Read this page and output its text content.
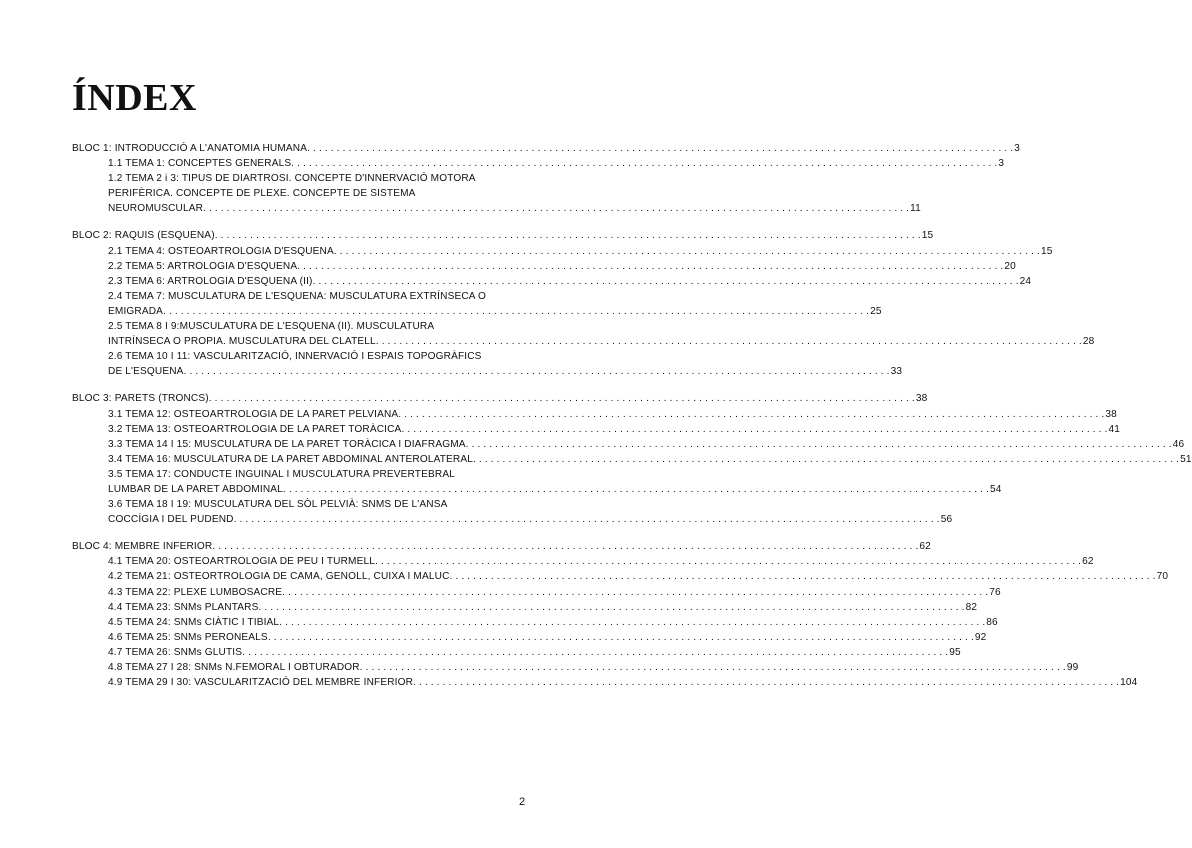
ÍNDEX
BLOC 1: INTRODUCCIÓ A L'ANATOMIA HUMANA . . . . . . . . . . . . . . . . . . . . . . . . . . . . . . . . . . . . . . . . . . . . . . . . . . . . . . . . . . . . . . . . . . . . . . . . . . . . . . . . . . . . . . . . . . . . . . . . . . . . . . . . . . . . . . . . . . . . . . . . 3
1.1 TEMA 1: CONCEPTES GENERALS . . . . . . . . . . . . . . . . . . . . . . . . . . . . . . . . . . . . . . . . . . . . . . . . . . . . . . . . . . . . . . . . . . . . . . . . . . . . . . . . . . . . . . . . . . . . . . . . . . . . . . . . . . . . . . . . . . . . . . . . 3
1.2 TEMA 2 i 3: TIPUS DE DIARTROSI. CONCEPTE D'INNERVACIÓ MOTORA
PERIFÈRICA. CONCEPTE DE PLEXE. CONCEPTE DE SISTEMA
NEUROMUSCULAR . . . . . . . . . . . . . . . . . . . . . . . . . . . . . . . . . . . . . . . . . . . . . . . . . . . . . . . . . . . . . . . . . . . . . . . . . . . . . . . . . . . . . . . . . . . . . . . . . . . . . . . . . . . . . . . . . . . . . . . . 11
BLOC 2: RAQUIS (ESQUENA) . . . . . . . . . . . . . . . . . . . . . . . . . . . . . . . . . . . . . . . . . . . . . . . . . . . . . . . . . . . . . . . . . . . . . . . . . . . . . . . . . . . . . . . . . . . . . . . . . . . . . . . . . . . . . . . . . . . . . . . . 15
2.1 TEMA 4: OSTEOARTROLOGIA D'ESQUENA . . . . . . . . . . . . . . . . . . . . . . . . . . . . . . . . . . . . . . . . . . . . . . . . . . . . . . . . . . . . . . . . . . . . . . . . . . . . . . . . . . . . . . . . . . . . . . . . . . . . . . . . . . . . . . . . . . . . . . . . 15
2.2 TEMA 5: ARTROLOGIA D'ESQUENA . . . . . . . . . . . . . . . . . . . . . . . . . . . . . . . . . . . . . . . . . . . . . . . . . . . . . . . . . . . . . . . . . . . . . . . . . . . . . . . . . . . . . . . . . . . . . . . . . . . . . . . . . . . . . . . . . . . . . . . . 20
2.3 TEMA 6: ARTROLOGIA D'ESQUENA (II) . . . . . . . . . . . . . . . . . . . . . . . . . . . . . . . . . . . . . . . . . . . . . . . . . . . . . . . . . . . . . . . . . . . . . . . . . . . . . . . . . . . . . . . . . . . . . . . . . . . . . . . . . . . . . . . . . . . . . . . . 24
2.4 TEMA 7: MUSCULATURA DE L'ESQUENA: MUSCULATURA EXTRÍNSECA O
EMIGRADA . . . . . . . . . . . . . . . . . . . . . . . . . . . . . . . . . . . . . . . . . . . . . . . . . . . . . . . . . . . . . . . . . . . . . . . . . . . . . . . . . . . . . . . . . . . . . . . . . . . . . . . . . . . . . . . . . . . . . . . . 25
2.5 TEMA 8 I 9:MUSCULATURA DE L'ESQUENA (II). MUSCULATURA
INTRÍNSECA O PROPIA. MUSCULATURA DEL CLATELL . . . . . . . . . . . . . . . . . . . . . . . . . . . . . . . . . . . . . . . . . . . . . . . . . . . . . . . . . . . . . . . . . . . . . . . . . . . . . . . . . . . . . . . . . . . . . . . . . . . . . . . . . . . . . . . . . . . . . . . . 28
2.6 TEMA 10 I 11: VASCULARITZACIÓ, INNERVACIÓ I ESPAIS TOPOGRÀFICS
DE L'ESQUENA . . . . . . . . . . . . . . . . . . . . . . . . . . . . . . . . . . . . . . . . . . . . . . . . . . . . . . . . . . . . . . . . . . . . . . . . . . . . . . . . . . . . . . . . . . . . . . . . . . . . . . . . . . . . . . . . . . . . . . . . 33
BLOC 3: PARETS (TRONCS) . . . . . . . . . . . . . . . . . . . . . . . . . . . . . . . . . . . . . . . . . . . . . . . . . . . . . . . . . . . . . . . . . . . . . . . . . . . . . . . . . . . . . . . . . . . . . . . . . . . . . . . . . . . . . . . . . . . . . . . . 38
3.1 TEMA 12: OSTEOARTROLOGIA DE LA PARET PELVIANA . . . . . . . . . . . . . . . . . . . . . . . . . . . . . . . . . . . . . . . . . . . . . . . . . . . . . . . . . . . . . . . . . . . . . . . . . . . . . . . . . . . . . . . . . . . . . . . . . . . . . . . . . . . . . . . . . . . . . . . . 38
3.2 TEMA 13: OSTEOARTROLOGIA DE LA PARET TORÀCICA . . . . . . . . . . . . . . . . . . . . . . . . . . . . . . . . . . . . . . . . . . . . . . . . . . . . . . . . . . . . . . . . . . . . . . . . . . . . . . . . . . . . . . . . . . . . . . . . . . . . . . . . . . . . . . . . . . . . . . . . 41
3.3 TEMA 14 I 15: MUSCULATURA DE LA PARET TORÀCICA I DIAFRAGMA . . . . . . . . . . . . . . . . . . . . . . . . . . . . . . . . . . . . . . . . . . . . . . . . . . . . . . . . . . . . . . . . . . . . . . . . . . . . . . . . . . . . . . . . . . . . . . . . . . . . . . . . . . . . . . . . . . . . . . . . 46
3.4 TEMA 16: MUSCULATURA DE LA PARET ABDOMINAL ANTEROLATERAL . . . . . . . . . . . . . . . . . . . . . . . . . . . . . . . . . . . . . . . . . . . . . . . . . . . . . . . . . . . . . . . . . . . . . . . . . . . . . . . . . . . . . . . . . . . . . . . . . . . . . . . . . . . . . . . . . . . . . . . . 51
3.5 TEMA 17: CONDUCTE INGUINAL I MUSCULATURA PREVERTEBRAL
LUMBAR DE LA PARET ABDOMINAL . . . . . . . . . . . . . . . . . . . . . . . . . . . . . . . . . . . . . . . . . . . . . . . . . . . . . . . . . . . . . . . . . . . . . . . . . . . . . . . . . . . . . . . . . . . . . . . . . . . . . . . . . . . . . . . . . . . . . . . . 54
3.6 TEMA 18 I 19: MUSCULATURA DEL SÒL PELVIÀ: SNMS DE L'ANSA
COCCÍGIA I DEL PUDEND . . . . . . . . . . . . . . . . . . . . . . . . . . . . . . . . . . . . . . . . . . . . . . . . . . . . . . . . . . . . . . . . . . . . . . . . . . . . . . . . . . . . . . . . . . . . . . . . . . . . . . . . . . . . . . . . . . . . . . . . 56
BLOC 4: MEMBRE INFERIOR . . . . . . . . . . . . . . . . . . . . . . . . . . . . . . . . . . . . . . . . . . . . . . . . . . . . . . . . . . . . . . . . . . . . . . . . . . . . . . . . . . . . . . . . . . . . . . . . . . . . . . . . . . . . . . . . . . . . . . . . 62
4.1 TEMA 20: OSTEOARTROLOGIA DE PEU I TURMELL . . . . . . . . . . . . . . . . . . . . . . . . . . . . . . . . . . . . . . . . . . . . . . . . . . . . . . . . . . . . . . . . . . . . . . . . . . . . . . . . . . . . . . . . . . . . . . . . . . . . . . . . . . . . . . . . . . . . . . . . 62
4.2 TEMA 21: OSTEORTROLOGIA DE CAMA, GENOLL, CUIXA I MALUC . . . . . . . . . . . . . . . . . . . . . . . . . . . . . . . . . . . . . . . . . . . . . . . . . . . . . . . . . . . . . . . . . . . . . . . . . . . . . . . . . . . . . . . . . . . . . . . . . . . . . . . . . . . . . . . . . . . . . . . . 70
4.3 TEMA 22: PLEXE LUMBOSACRE . . . . . . . . . . . . . . . . . . . . . . . . . . . . . . . . . . . . . . . . . . . . . . . . . . . . . . . . . . . . . . . . . . . . . . . . . . . . . . . . . . . . . . . . . . . . . . . . . . . . . . . . . . . . . . . . . . . . . . . . 76
4.4 TEMA 23: SNMs PLANTARS . . . . . . . . . . . . . . . . . . . . . . . . . . . . . . . . . . . . . . . . . . . . . . . . . . . . . . . . . . . . . . . . . . . . . . . . . . . . . . . . . . . . . . . . . . . . . . . . . . . . . . . . . . . . . . . . . . . . . . . . 82
4.5 TEMA 24: SNMs CIÀTIC I TIBIAL . . . . . . . . . . . . . . . . . . . . . . . . . . . . . . . . . . . . . . . . . . . . . . . . . . . . . . . . . . . . . . . . . . . . . . . . . . . . . . . . . . . . . . . . . . . . . . . . . . . . . . . . . . . . . . . . . . . . . . . . 86
4.6 TEMA 25: SNMs PERONEALS . . . . . . . . . . . . . . . . . . . . . . . . . . . . . . . . . . . . . . . . . . . . . . . . . . . . . . . . . . . . . . . . . . . . . . . . . . . . . . . . . . . . . . . . . . . . . . . . . . . . . . . . . . . . . . . . . . . . . . . . 92
4.7 TEMA 26: SNMs GLUTIS . . . . . . . . . . . . . . . . . . . . . . . . . . . . . . . . . . . . . . . . . . . . . . . . . . . . . . . . . . . . . . . . . . . . . . . . . . . . . . . . . . . . . . . . . . . . . . . . . . . . . . . . . . . . . . . . . . . . . . . . 95
4.8 TEMA 27 I 28: SNMs N.FEMORAL I OBTURADOR . . . . . . . . . . . . . . . . . . . . . . . . . . . . . . . . . . . . . . . . . . . . . . . . . . . . . . . . . . . . . . . . . . . . . . . . . . . . . . . . . . . . . . . . . . . . . . . . . . . . . . . . . . . . . . . . . . . . . . . . 99
4.9 TEMA 29 I 30: VASCULARITZACIÓ DEL MEMBRE INFERIOR . . . . . . . . . . . . . . . . . . . . . . . . . . . . . . . . . . . . . . . . . . . . . . . . . . . . . . . . . . . . . . . . . . . . . . . . . . . . . . . . . . . . . . . . . . . . . . . . . . . . . . . . . . . . . . . . . . . . . . . . 104
2
